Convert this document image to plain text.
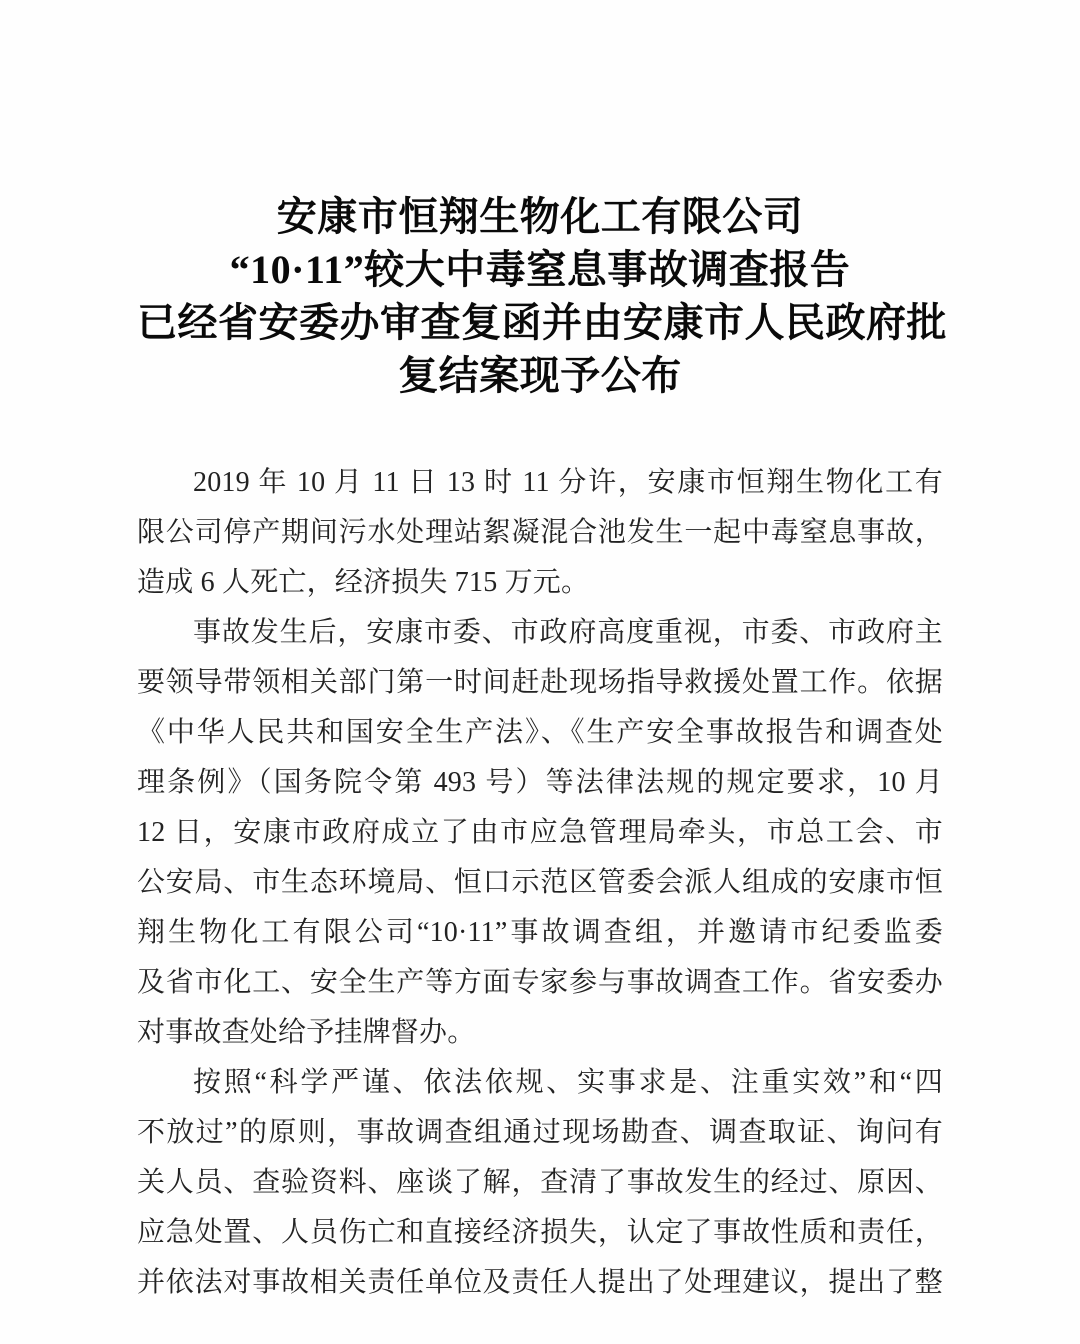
安康市恒翔生物化工有限公司
“10·11”较大中毒窒息事故调查报告
已经省安委办审查复函并由安康市人民政府批
复结案现予公布
2019 年 10 月 11 日 13 时 11 分许，安康市恒翔生物化工有
限公司停产期间污水处理站絮凝混合池发生一起中毒窒息事故，
造成 6 人死亡，经济损失 715 万元。
事故发生后，安康市委、市政府高度重视，市委、市政府主
要领导带领相关部门第一时间赶赴现场指导救援处置工作。依据
《中华人民共和国安全生产法》、《生产安全事故报告和调查处
理条例》（国务院令第 493 号）等法律法规的规定要求，10 月
12 日，安康市政府成立了由市应急管理局牵头，市总工会、市
公安局、市生态环境局、恒口示范区管委会派人组成的安康市恒
翔生物化工有限公司“10·11”事故调查组，并邀请市纪委监委
及省市化工、安全生产等方面专家参与事故调查工作。省安委办
对事故查处给予挂牌督办。
按照“科学严谨、依法依规、实事求是、注重实效”和“四
不放过”的原则，事故调查组通过现场勘查、调查取证、询问有
关人员、查验资料、座谈了解，查清了事故发生的经过、原因、
应急处置、人员伤亡和直接经济损失，认定了事故性质和责任，
并依法对事故相关责任单位及责任人提出了处理建议，提出了整
